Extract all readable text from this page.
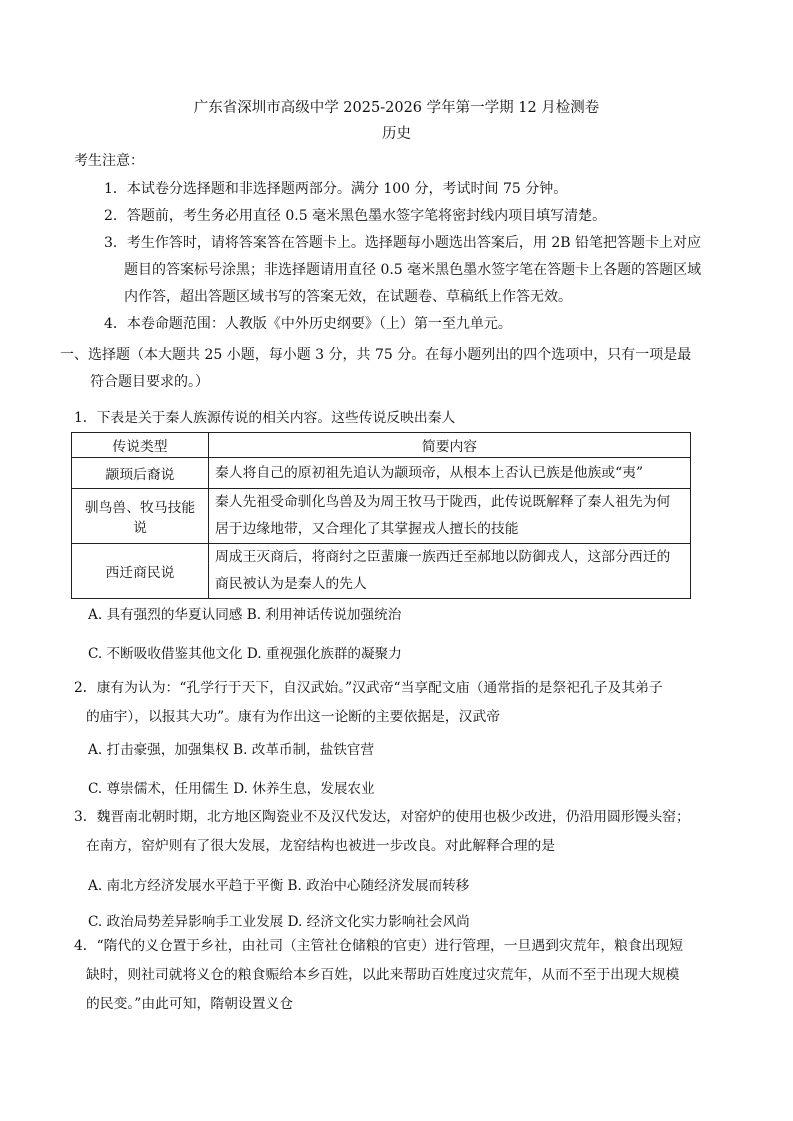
广东省深圳市高级中学 2025-2026 学年第一学期 12 月检测卷
历史
考生注意：
1．本试卷分选择题和非选择题两部分。满分 100 分，考试时间 75 分钟。
2．答题前，考生务必用直径 0.5 毫米黑色墨水签字笔将密封线内项目填写清楚。
3．考生作答时，请将答案答在答题卡上。选择题每小题选出答案后，用 2B 铅笔把答题卡上对应
题目的答案标号涂黑；非选择题请用直径 0.5 毫米黑色墨水签字笔在答题卡上各题的答题区域
内作答，超出答题区域书写的答案无效，在试题卷、草稿纸上作答无效。
4．本卷命题范围：人教版《中外历史纲要》（上）第一至九单元。
一、选择题（本大题共 25 小题，每小题 3 分，共 75 分。在每小题列出的四个选项中，只有一项是最
符合题目要求的。）
1．下表是关于秦人族源传说的相关内容。这些传说反映出秦人
传说类型	简要内容
颛顼后裔说	秦人将自己的原初祖先追认为颛顼帝，从根本上否认已族是他族或“夷”

驯鸟兽、牧马技能说	秦人先祖受命驯化鸟兽及为周王牧马于陇西，此传说既解释了秦人祖先为何
居于边缘地带，又合理化了其掌握戎人擅长的技能

西迁商民说	周成王灭商后，将商纣之臣蜚廉一族西迁至郝地以防御戎人，这部分西迁的
商民被认为是秦人的先人
A. 具有强烈的华夏认同感 B. 利用神话传说加强统治
C. 不断吸收借鉴其他文化 D. 重视强化族群的凝聚力
2．康有为认为：“孔学行于天下，自汉武始。”汉武帝“当享配文庙（通常指的是祭祀孔子及其弟子
的庙宇），以报其大功”。康有为作出这一论断的主要依据是，汉武帝
A. 打击豪强，加强集权 B. 改革币制，盐铁官营
C. 尊崇儒术，任用儒生 D. 休养生息，发展农业
3．魏晋南北朝时期，北方地区陶瓷业不及汉代发达，对窑炉的使用也极少改进，仍沿用圆形馒头窑；
在南方，窑炉则有了很大发展，龙窑结构也被进一步改良。对此解释合理的是
A. 南北方经济发展水平趋于平衡 B. 政治中心随经济发展而转移
C. 政治局势差异影响手工业发展 D. 经济文化实力影响社会风尚
4．“隋代的义仓置于乡社，由社司（主管社仓储粮的官吏）进行管理，一旦遇到灾荒年，粮食出现短
缺时，则社司就将义仓的粮食赈给本乡百姓，以此来帮助百姓度过灾荒年，从而不至于出现大规模
的民变。”由此可知，隋朝设置义仓
